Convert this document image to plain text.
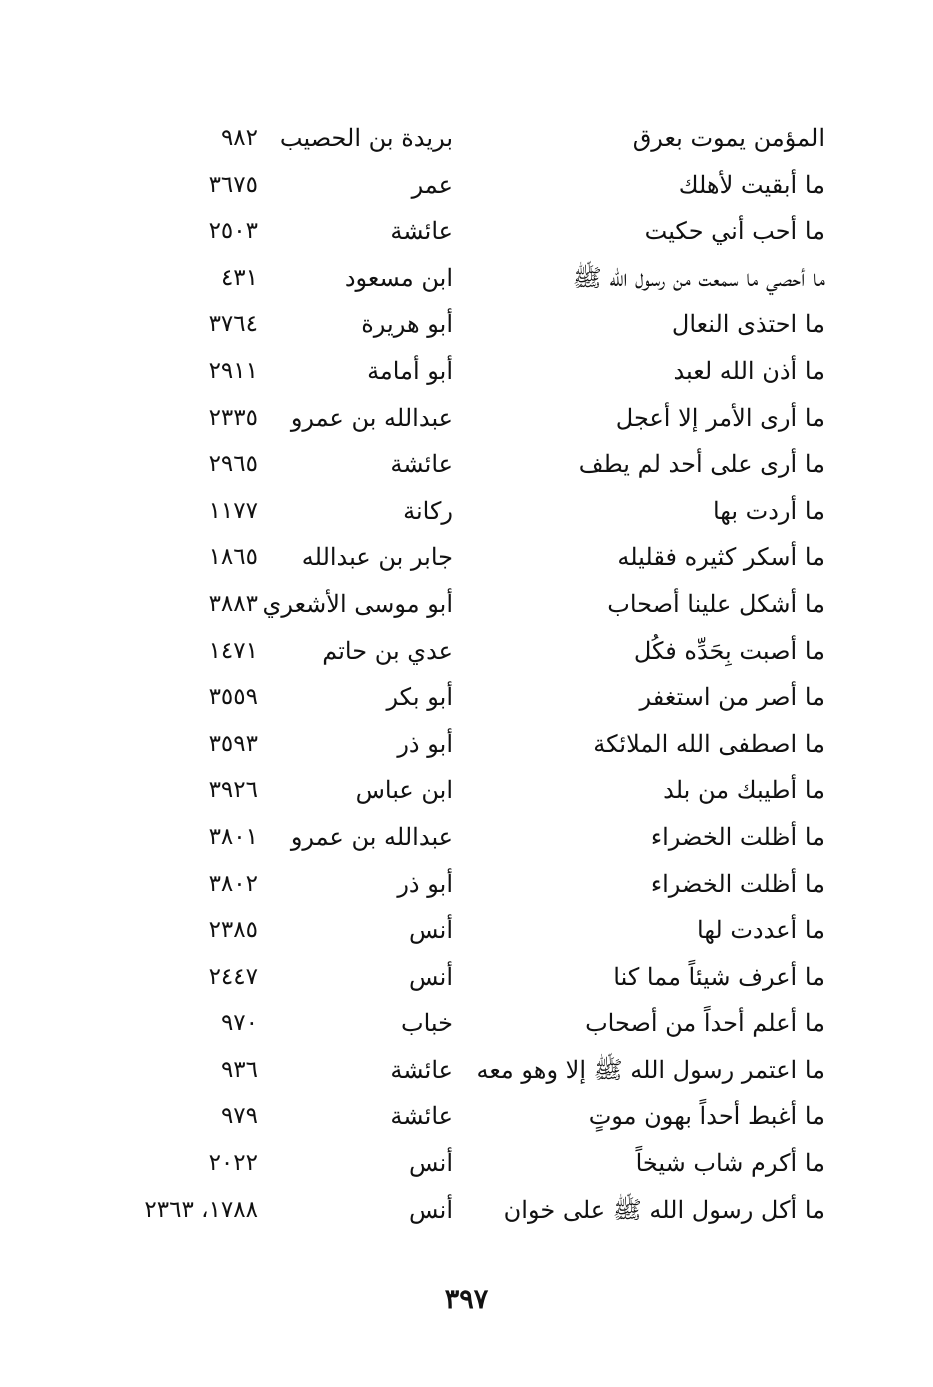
المؤمن يموت بعرق
بريدة بن الحصيب
٩٨٢
ما أبقيت لأهلك
عمر
٣٦٧٥
ما أحب أني حكيت
عائشة
٢٥٠٣
ما أحصي ما سمعت من رسول الله ﷺ
ابن مسعود
٤٣١
ما احتذى النعال
أبو هريرة
٣٧٦٤
ما أذن الله لعبد
أبو أمامة
٢٩١١
ما أرى الأمر إلا أعجل
عبدالله بن عمرو
٢٣٣٥
ما أرى على أحد لم يطف
عائشة
٢٩٦٥
ما أردت بها
ركانة
١١٧٧
ما أسكر كثيره فقليله
جابر بن عبدالله
١٨٦٥
ما أشكل علينا أصحاب
أبو موسى الأشعري
٣٨٨٣
ما أصبت بِحَدِّه فكُل
عدي بن حاتم
١٤٧١
ما أصر من استغفر
أبو بكر
٣٥٥٩
ما اصطفى الله الملائكة
أبو ذر
٣٥٩٣
ما أطيبك من بلد
ابن عباس
٣٩٢٦
ما أظلت الخضراء
عبدالله بن عمرو
٣٨٠١
ما أظلت الخضراء
أبو ذر
٣٨٠٢
ما أعددت لها
أنس
٢٣٨٥
ما أعرف شيئاً مما كنا
أنس
٢٤٤٧
ما أعلم أحداً من أصحاب
خباب
٩٧٠
ما اعتمر رسول الله ﷺ إلا وهو معه
عائشة
٩٣٦
ما أغبط أحداً بهون موتٍ
عائشة
٩٧٩
ما أكرم شاب شيخاً
أنس
٢٠٢٢
ما أكل رسول الله ﷺ على خوان
أنس
١٧٨٨، ٢٣٦٣
٣٩٧
